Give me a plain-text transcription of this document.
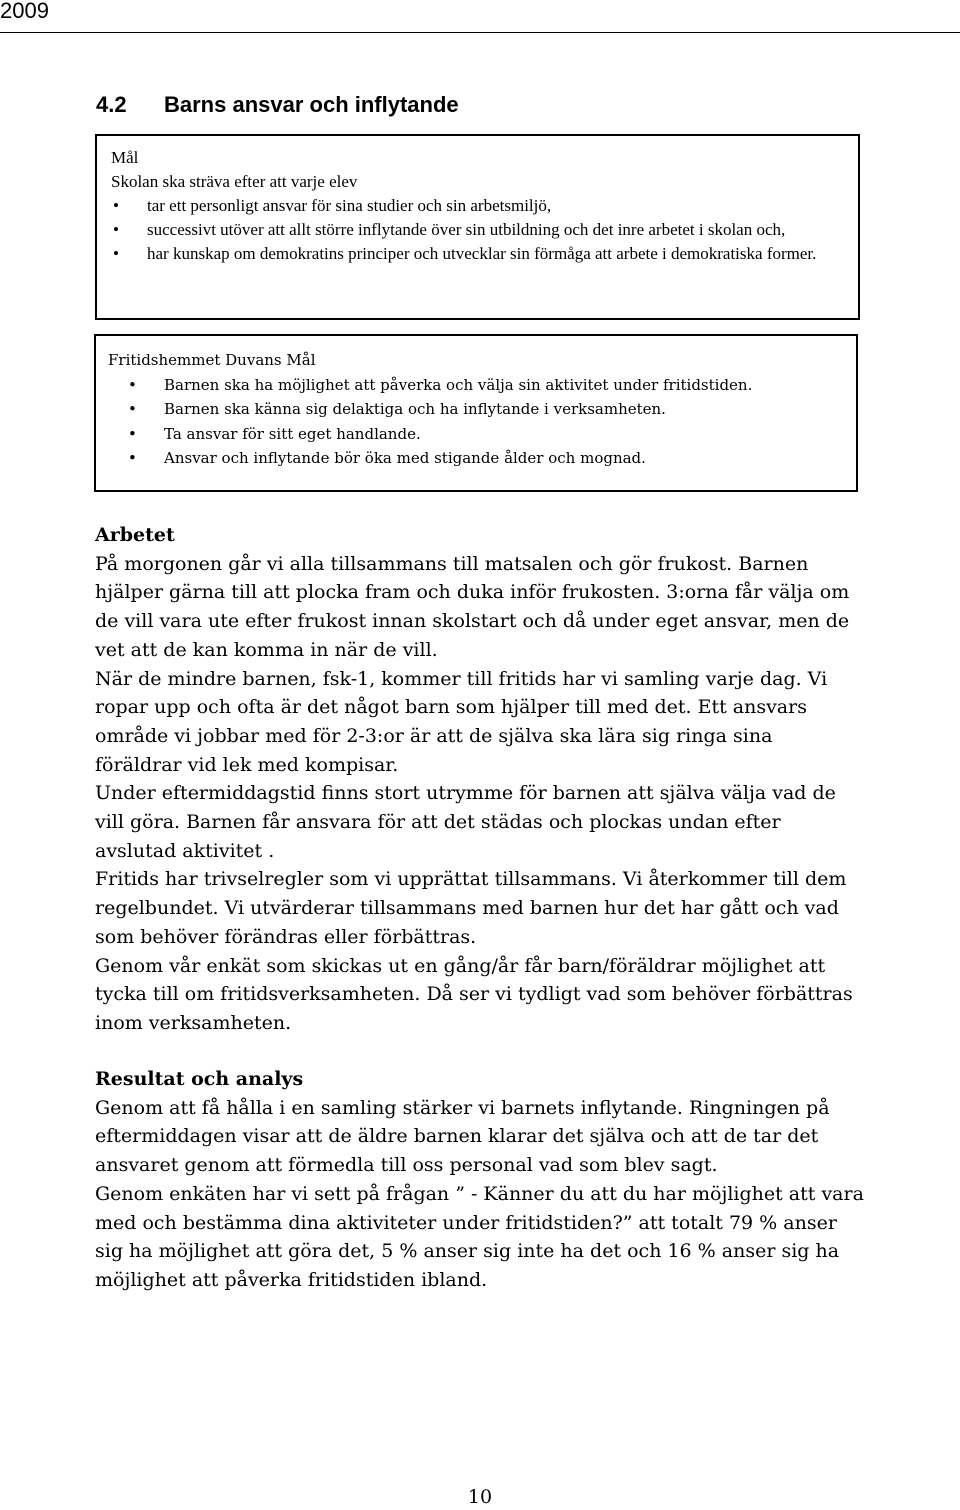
2009
4.2 Barns ansvar och inflytande
Mål
Skolan ska sträva efter att varje elev
• tar ett personligt ansvar för sina studier och sin arbetsmiljö,
• successivt utöver att allt större inflytande över sin utbildning och det inre arbetet i skolan och,
• har kunskap om demokratins principer och utvecklar sin förmåga att arbete i demokratiska former.
Fritidshemmet Duvans Mål
• Barnen ska ha möjlighet att påverka och välja sin aktivitet under fritidstiden.
• Barnen ska känna sig delaktiga och ha inflytande i verksamheten.
• Ta ansvar för sitt eget handlande.
• Ansvar och inflytande bör öka med stigande ålder och mognad.
Arbetet

På morgonen går vi alla tillsammans till matsalen och gör frukost. Barnen hjälper gärna till att plocka fram och duka inför frukosten. 3:orna får välja om de vill vara ute efter frukost innan skolstart och då under eget ansvar, men de vet att de kan komma in när de vill.

När de mindre barnen, fsk-1, kommer till fritids har vi samling varje dag. Vi ropar upp och ofta är det något barn som hjälper till med det. Ett ansvars område vi jobbar med för 2-3:or är att de själva ska lära sig ringa sina föräldrar vid lek med kompisar.

Under eftermiddagstid finns stort utrymme för barnen att själva välja vad de vill göra. Barnen får ansvara för att det städas och plockas undan efter avslutad aktivitet .

Fritids har trivselregler som vi upprättat tillsammans. Vi återkommer till dem regelbundet. Vi utvärderar tillsammans med barnen hur det har gått och vad som behöver förändras eller förbättras.

Genom vår enkät som skickas ut en gång/år får barn/föräldrar möjlighet att tycka till om fritidsverksamheten. Då ser vi tydligt vad som behöver förbättras inom verksamheten.

Resultat och analys

Genom att få hålla i en samling stärker vi barnets inflytande. Ringningen på eftermiddagen visar att de äldre barnen klarar det själva och att de tar det ansvaret genom att förmedla till oss personal vad som blev sagt.

Genom enkäten har vi sett på frågan ” - Känner du att du har möjlighet att vara med och bestämma dina aktiviteter under fritidstiden?” att totalt 79 % anser sig ha möjlighet att göra det, 5 % anser sig inte ha det och 16 % anser sig ha möjlighet att påverka fritidstiden ibland.

10
